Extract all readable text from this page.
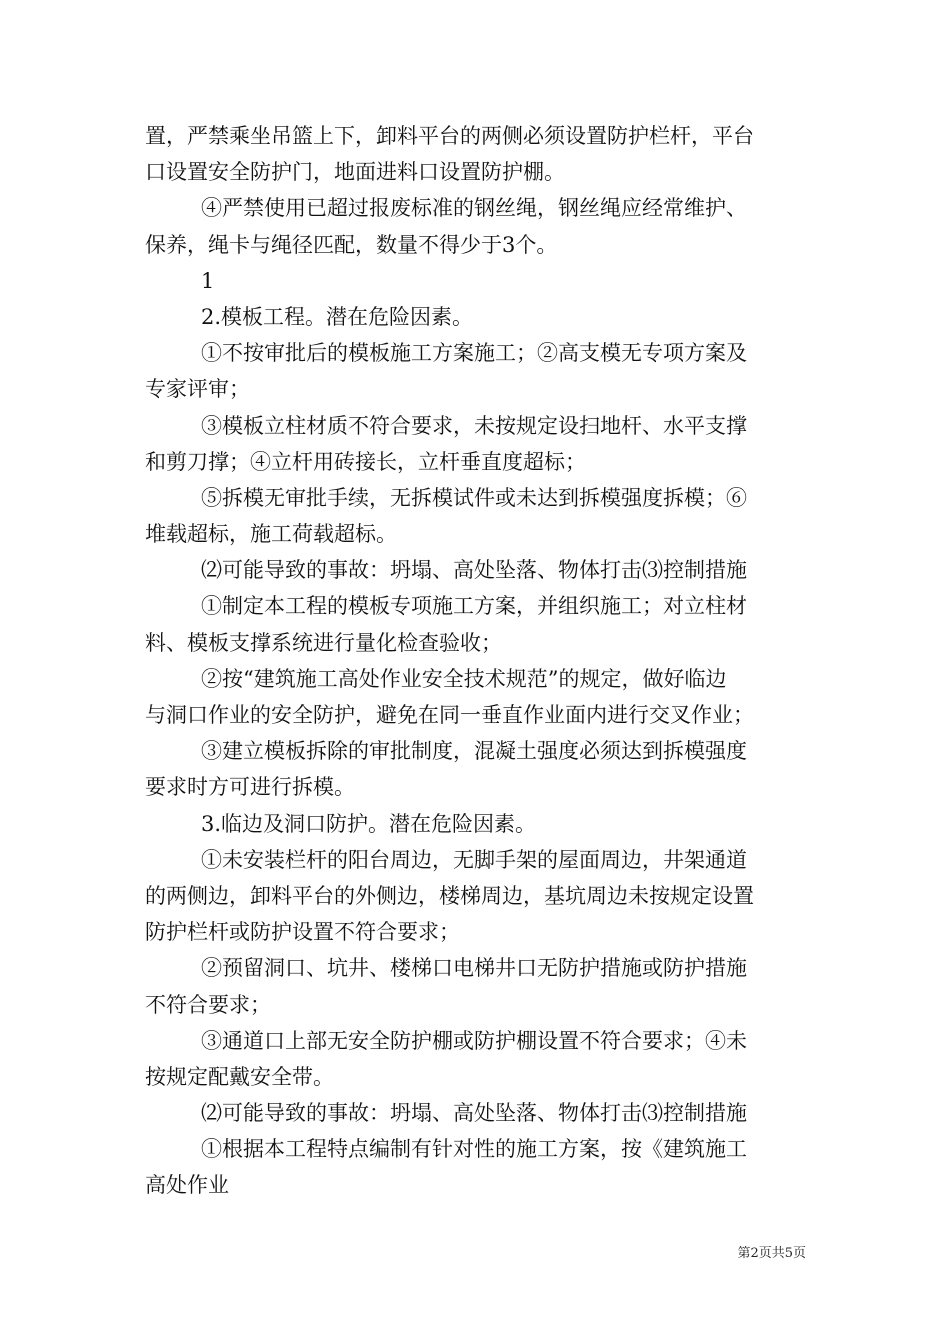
置，严禁乘坐吊篮上下，卸料平台的两侧必须设置防护栏杆，平台
口设置安全防护门，地面进料口设置防护棚。
④严禁使用已超过报废标准的钢丝绳，钢丝绳应经常维护、
保养，绳卡与绳径匹配，数量不得少于3个。
1
2.模板工程。潜在危险因素。
①不按审批后的模板施工方案施工；②高支模无专项方案及
专家评审；
③模板立柱材质不符合要求，未按规定设扫地杆、水平支撑
和剪刀撑；④立杆用砖接长，立杆垂直度超标；
⑤拆模无审批手续，无拆模试件或未达到拆模强度拆模；⑥
堆载超标，施工荷载超标。
⑵可能导致的事故：坍塌、高处坠落、物体打击⑶控制措施
①制定本工程的模板专项施工方案，并组织施工；对立柱材
料、模板支撑系统进行量化检查验收；
②按“建筑施工高处作业安全技术规范”的规定，做好临边
与洞口作业的安全防护，避免在同一垂直作业面内进行交叉作业；
③建立模板拆除的审批制度，混凝土强度必须达到拆模强度
要求时方可进行拆模。
3.临边及洞口防护。潜在危险因素。
①未安装栏杆的阳台周边，无脚手架的屋面周边，井架通道
的两侧边，卸料平台的外侧边，楼梯周边，基坑周边未按规定设置
防护栏杆或防护设置不符合要求；
②预留洞口、坑井、楼梯口电梯井口无防护措施或防护措施
不符合要求；
③通道口上部无安全防护棚或防护棚设置不符合要求；④未
按规定配戴安全带。
⑵可能导致的事故：坍塌、高处坠落、物体打击⑶控制措施
①根据本工程特点编制有针对性的施工方案，按《建筑施工
高处作业
第2页共5页
